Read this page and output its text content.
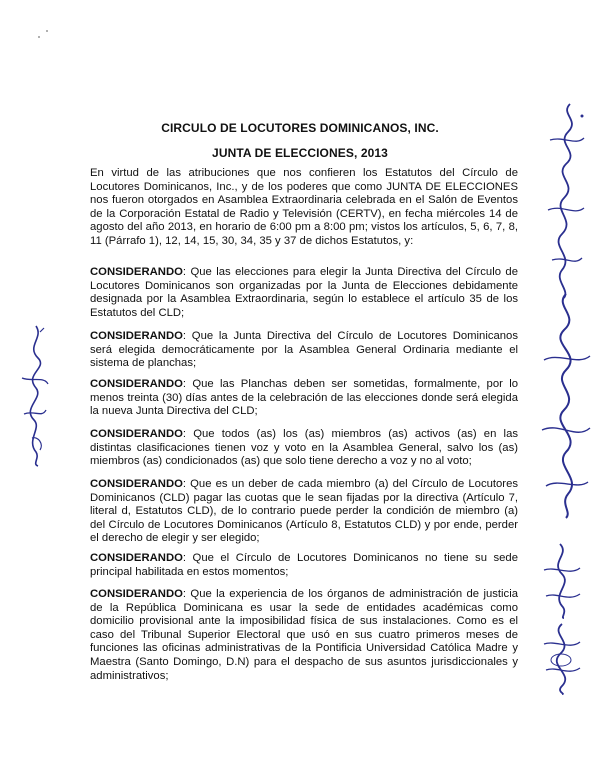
CIRCULO DE LOCUTORES DOMINICANOS, INC.
JUNTA DE ELECCIONES, 2013
En virtud de las atribuciones que nos confieren los Estatutos del Círculo de Locutores Dominicanos, Inc., y de los poderes que como JUNTA DE ELECCIONES nos fueron otorgados en Asamblea Extraordinaria celebrada en el Salón de Eventos de la Corporación Estatal de Radio y Televisión (CERTV), en fecha miércoles 14 de agosto del año 2013, en horario de 6:00 pm a 8:00 pm; vistos los artículos, 5, 6, 7, 8, 11 (Párrafo 1), 12, 14, 15, 30, 34, 35 y 37 de dichos Estatutos, y:
CONSIDERANDO: Que las elecciones para elegir la Junta Directiva del Círculo de Locutores Dominicanos son organizadas por la Junta de Elecciones debidamente designada por la Asamblea Extraordinaria, según lo establece el artículo 35 de los Estatutos del CLD;
CONSIDERANDO: Que la Junta Directiva del Círculo de Locutores Dominicanos será elegida democráticamente por la Asamblea General Ordinaria mediante el sistema de planchas;
CONSIDERANDO: Que las Planchas deben ser sometidas, formalmente, por lo menos treinta (30) días antes de la celebración de las elecciones donde será elegida la nueva Junta Directiva del CLD;
CONSIDERANDO: Que todos (as) los (as) miembros (as) activos (as) en las distintas clasificaciones tienen voz y voto en la Asamblea General, salvo los (as) miembros (as) condicionados (as) que solo tiene derecho a voz y no al voto;
CONSIDERANDO: Que es un deber de cada miembro (a) del Círculo de Locutores Dominicanos (CLD) pagar las cuotas que le sean fijadas por la directiva (Artículo 7, literal d, Estatutos CLD), de lo contrario puede perder la condición de miembro (a) del Círculo de Locutores Dominicanos (Artículo 8, Estatutos CLD) y por ende, perder el derecho de elegir y ser elegido;
CONSIDERANDO: Que el Círculo de Locutores Dominicanos no tiene su sede principal habilitada en estos momentos;
CONSIDERANDO: Que la experiencia de los órganos de administración de justicia de la República Dominicana es usar la sede de entidades académicas como domicilio provisional ante la imposibilidad física de sus instalaciones. Como es el caso del Tribunal Superior Electoral que usó en sus cuatro primeros meses de funciones las oficinas administrativas de la Pontificia Universidad Católica Madre y Maestra (Santo Domingo, D.N) para el despacho de sus asuntos jurisdiccionales y administrativos;
